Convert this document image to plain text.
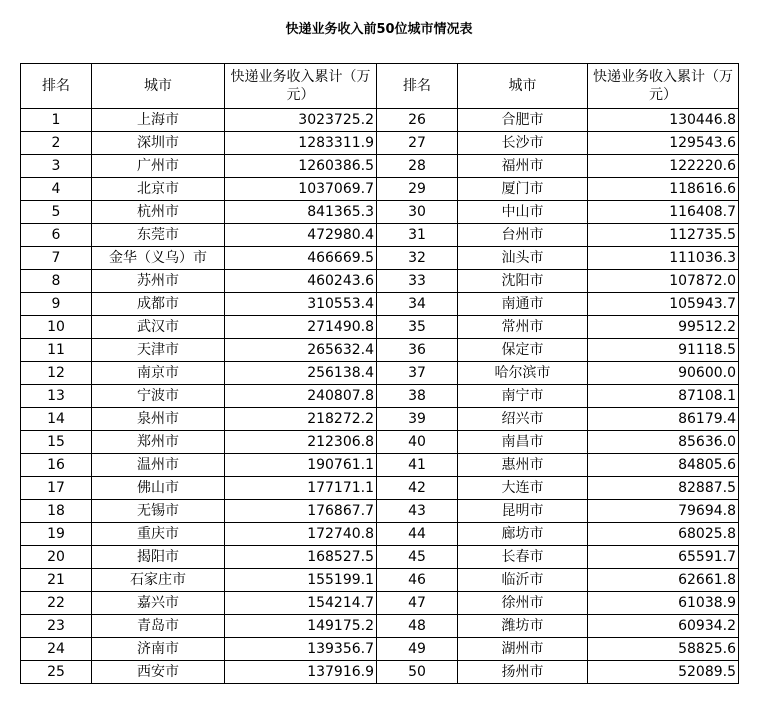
快递业务收入前50位城市情况表
排名	城市	快递业务收入累计（万元）	排名	城市	快递业务收入累计（万元）
1	上海市	3023725.2	26	合肥市	130446.8
2	深圳市	1283311.9	27	长沙市	129543.6
3	广州市	1260386.5	28	福州市	122220.6
4	北京市	1037069.7	29	厦门市	118616.6
5	杭州市	841365.3	30	中山市	116408.7
6	东莞市	472980.4	31	台州市	112735.5
7	金华（义乌）市	466669.5	32	汕头市	111036.3
8	苏州市	460243.6	33	沈阳市	107872.0
9	成都市	310553.4	34	南通市	105943.7
10	武汉市	271490.8	35	常州市	99512.2
11	天津市	265632.4	36	保定市	91118.5
12	南京市	256138.4	37	哈尔滨市	90600.0
13	宁波市	240807.8	38	南宁市	87108.1
14	泉州市	218272.2	39	绍兴市	86179.4
15	郑州市	212306.8	40	南昌市	85636.0
16	温州市	190761.1	41	惠州市	84805.6
17	佛山市	177171.1	42	大连市	82887.5
18	无锡市	176867.7	43	昆明市	79694.8
19	重庆市	172740.8	44	廊坊市	68025.8
20	揭阳市	168527.5	45	长春市	65591.7
21	石家庄市	155199.1	46	临沂市	62661.8
22	嘉兴市	154214.7	47	徐州市	61038.9
23	青岛市	149175.2	48	潍坊市	60934.2
24	济南市	139356.7	49	湖州市	58825.6
25	西安市	137916.9	50	扬州市	52089.5
